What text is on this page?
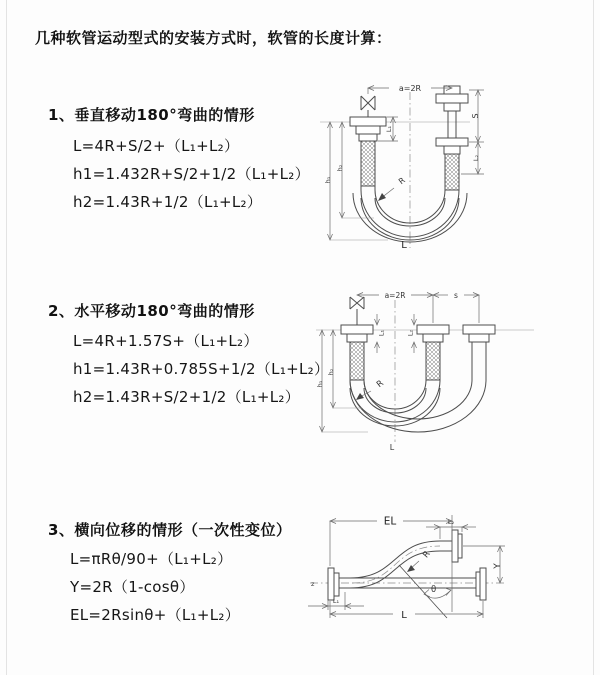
几种软管运动型式的安装方式时，软管的长度计算：
1、垂直移动180°弯曲的情形
L=4R+S/2+（L₁+L₂）
h1=1.432R+S/2+1/2（L₁+L₂）
h2=1.43R+1/2（L₁+L₂）
2、水平移动180°弯曲的情形
L=4R+1.57S+（L₁+L₂）
h1=1.43R+0.785S+1/2（L₁+L₂）
h2=1.43R+S/2+1/2（L₁+L₂）
3、横向位移的情形（一次性变位）
L=πRθ/90+（L₁+L₂）
Y=2R（1-cosθ）
EL=2Rsinθ+（L₁+L₂）
a=2R
L₁
S
L₂
h₂
h₁	R
L
a=2R	s
L₁	L₂
h₂
h₁	R
L
θ
R
EL	L₂
Y
L
L₁
z
